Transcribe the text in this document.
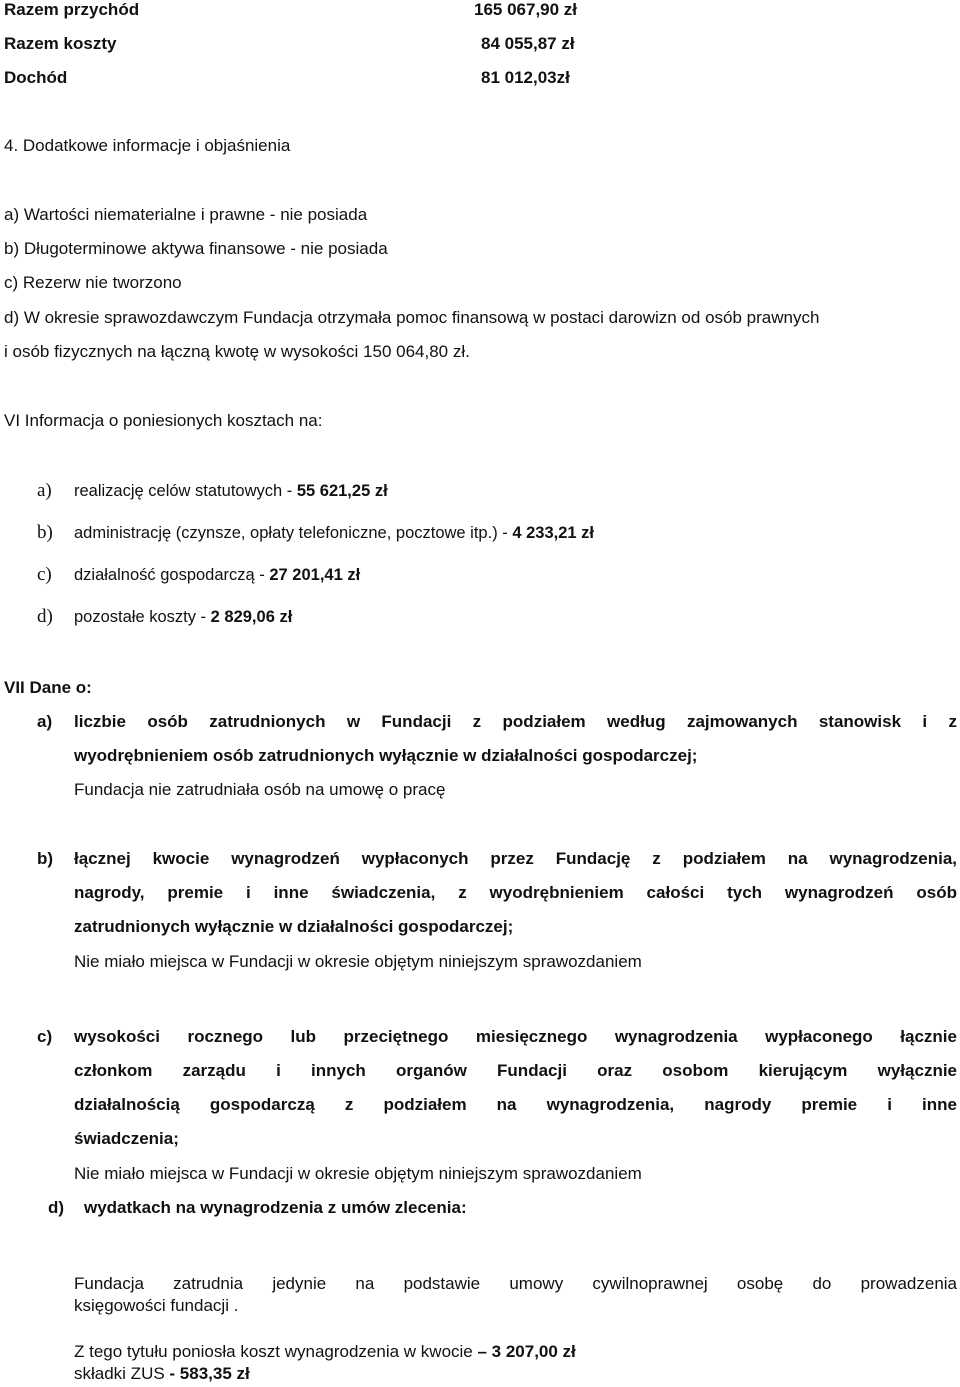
Razem przychód	165 067,90 zł
Razem koszty	84 055,87 zł
Dochód	81 012,03zł
4. Dodatkowe informacje i objaśnienia
a) Wartości niematerialne i prawne - nie posiada
b) Długoterminowe aktywa finansowe - nie posiada
c) Rezerw nie tworzono
d) W okresie sprawozdawczym Fundacja otrzymała pomoc finansową w postaci darowizn od osób prawnych
i osób fizycznych na łączną kwotę w wysokości 150 064,80 zł.
VI Informacja o poniesionych kosztach na:
a) realizację celów statutowych - 55 621,25 zł
b) administrację (czynsze, opłaty telefoniczne, pocztowe itp.) - 4 233,21 zł
c) działalność gospodarczą - 27 201,41 zł
d) pozostałe koszty - 2 829,06 zł
VII Dane o:
a) liczbie osób zatrudnionych w Fundacji z podziałem według zajmowanych stanowisk i z
wyodrębnieniem osób zatrudnionych wyłącznie w działalności gospodarczej;
Fundacja nie zatrudniała osób na umowę o pracę
b) łącznej kwocie wynagrodzeń wypłaconych przez Fundację z podziałem na wynagrodzenia,
nagrody, premie i inne świadczenia, z wyodrębnieniem całości tych wynagrodzeń osób
zatrudnionych wyłącznie w działalności gospodarczej;
Nie miało miejsca w Fundacji w okresie objętym niniejszym sprawozdaniem
c) wysokości rocznego lub przeciętnego miesięcznego wynagrodzenia wypłaconego łącznie
członkom zarządu i innych organów Fundacji oraz osobom kierującym wyłącznie
działalnością gospodarczą z podziałem na wynagrodzenia, nagrody premie i inne
świadczenia;
Nie miało miejsca w Fundacji w okresie objętym niniejszym sprawozdaniem
d) wydatkach na wynagrodzenia z umów zlecenia:
Fundacja zatrudnia jedynie na podstawie umowy cywilnoprawnej osobę do prowadzenia
księgowości fundacji .
Z tego tytułu poniosła koszt wynagrodzenia w kwocie – 3 207,00 zł
składki ZUS - 583,35 zł
